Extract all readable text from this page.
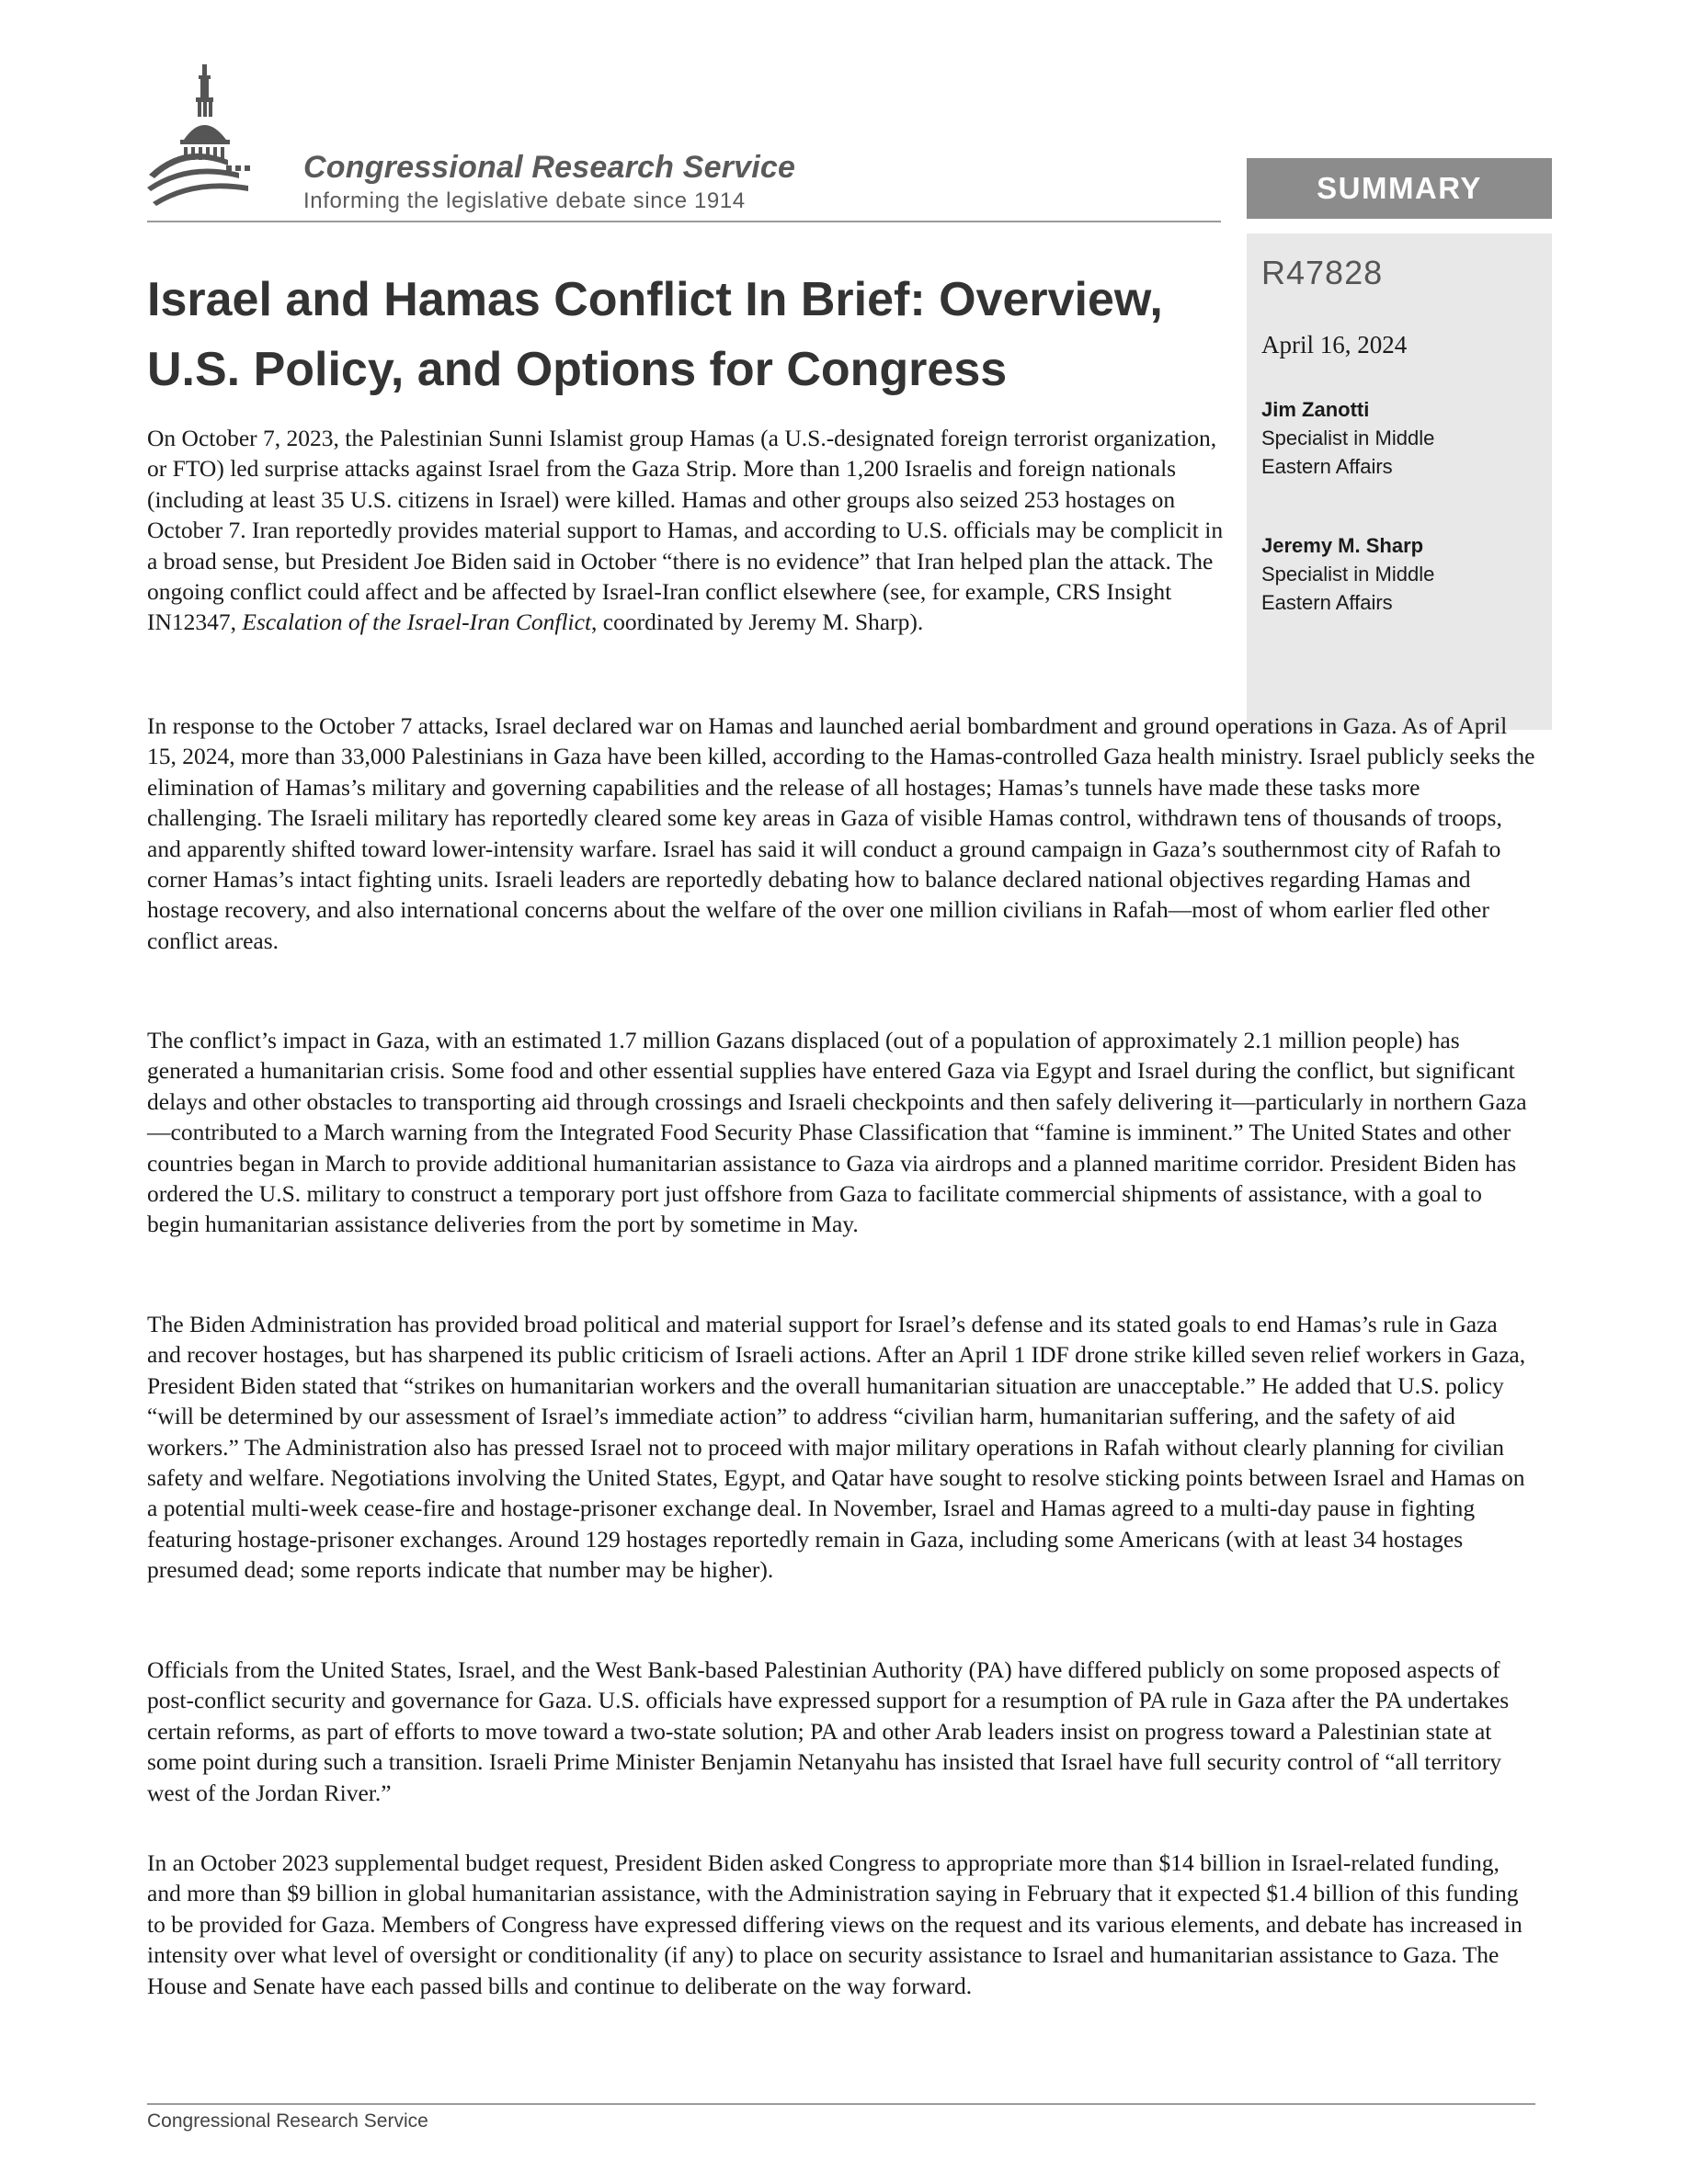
Congressional Research Service
Informing the legislative debate since 1914	SUMMARY
R47828
April 16, 2024
Jim Zanotti
Specialist in Middle
Eastern Affairs
Jeremy M. Sharp
Specialist in Middle
Eastern Affairs
Israel and Hamas Conflict In Brief: Overview, U.S. Policy, and Options for Congress

On October 7, 2023, the Palestinian Sunni Islamist group Hamas (a U.S.-designated foreign terrorist organization, or FTO) led surprise attacks against Israel from the Gaza Strip. More than 1,200 Israelis and foreign nationals (including at least 35 U.S. citizens in Israel) were killed. Hamas and other groups also seized 253 hostages on October 7. Iran reportedly provides material support to Hamas, and according to U.S. officials may be complicit in a broad sense, but President Joe Biden said in October “there is no evidence” that Iran helped plan the attack. The ongoing conflict could affect and be affected by Israel-Iran conflict elsewhere (see, for example, CRS Insight IN12347, Escalation of the Israel-Iran Conflict, coordinated by Jeremy M. Sharp).

In response to the October 7 attacks, Israel declared war on Hamas and launched aerial bombardment and ground operations in Gaza. As of April 15, 2024, more than 33,000 Palestinians in Gaza have been killed, according to the Hamas-controlled Gaza health ministry. Israel publicly seeks the elimination of Hamas’s military and governing capabilities and the release of all hostages; Hamas’s tunnels have made these tasks more challenging. The Israeli military has reportedly cleared some key areas in Gaza of visible Hamas control, withdrawn tens of thousands of troops, and apparently shifted toward lower-intensity warfare. Israel has said it will conduct a ground campaign in Gaza’s southernmost city of Rafah to corner Hamas’s intact fighting units. Israeli leaders are reportedly debating how to balance declared national objectives regarding Hamas and hostage recovery, and also international concerns about the welfare of the over one million civilians in Rafah—most of whom earlier fled other conflict areas.

The conflict’s impact in Gaza, with an estimated 1.7 million Gazans displaced (out of a population of approximately 2.1 million people) has generated a humanitarian crisis. Some food and other essential supplies have entered Gaza via Egypt and Israel during the conflict, but significant delays and other obstacles to transporting aid through crossings and Israeli checkpoints and then safely delivering it—particularly in northern Gaza—contributed to a March warning from the Integrated Food Security Phase Classification that “famine is imminent.” The United States and other countries began in March to provide additional humanitarian assistance to Gaza via airdrops and a planned maritime corridor. President Biden has ordered the U.S. military to construct a temporary port just offshore from Gaza to facilitate commercial shipments of assistance, with a goal to begin humanitarian assistance deliveries from the port by sometime in May.

The Biden Administration has provided broad political and material support for Israel’s defense and its stated goals to end Hamas’s rule in Gaza and recover hostages, but has sharpened its public criticism of Israeli actions. After an April 1 IDF drone strike killed seven relief workers in Gaza, President Biden stated that “strikes on humanitarian workers and the overall humanitarian situation are unacceptable.” He added that U.S. policy “will be determined by our assessment of Israel’s immediate action” to address “civilian harm, humanitarian suffering, and the safety of aid workers.” The Administration also has pressed Israel not to proceed with major military operations in Rafah without clearly planning for civilian safety and welfare. Negotiations involving the United States, Egypt, and Qatar have sought to resolve sticking points between Israel and Hamas on a potential multi-week cease-fire and hostage-prisoner exchange deal. In November, Israel and Hamas agreed to a multi-day pause in fighting featuring hostage-prisoner exchanges. Around 129 hostages reportedly remain in Gaza, including some Americans (with at least 34 hostages presumed dead; some reports indicate that number may be higher).

Officials from the United States, Israel, and the West Bank-based Palestinian Authority (PA) have differed publicly on some proposed aspects of post-conflict security and governance for Gaza. U.S. officials have expressed support for a resumption of PA rule in Gaza after the PA undertakes certain reforms, as part of efforts to move toward a two-state solution; PA and other Arab leaders insist on progress toward a Palestinian state at some point during such a transition. Israeli Prime Minister Benjamin Netanyahu has insisted that Israel have full security control of “all territory west of the Jordan River.”

In an October 2023 supplemental budget request, President Biden asked Congress to appropriate more than $14 billion in Israel-related funding, and more than $9 billion in global humanitarian assistance, with the Administration saying in February that it expected $1.4 billion of this funding to be provided for Gaza. Members of Congress have expressed differing views on the request and its various elements, and debate has increased in intensity over what level of oversight or conditionality (if any) to place on security assistance to Israel and humanitarian assistance to Gaza. The House and Senate have each passed bills and continue to deliberate on the way forward.

Congressional Research Service
